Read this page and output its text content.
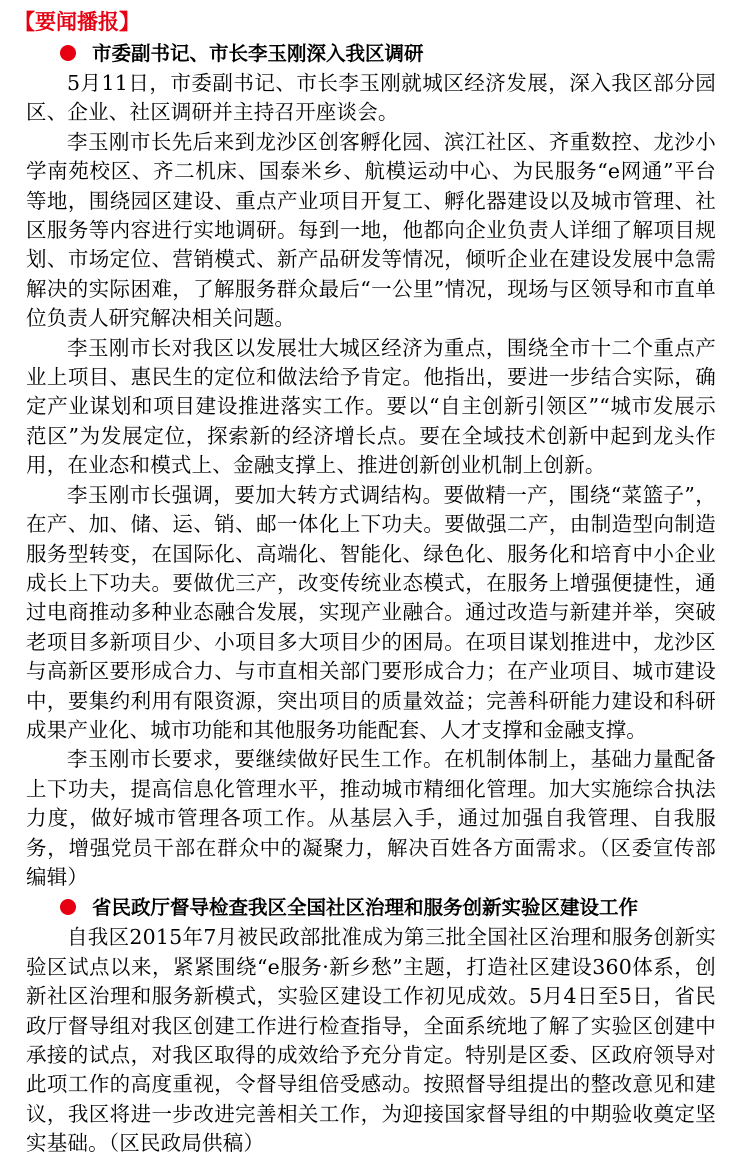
【要闻播报】
市委副书记、市长李玉刚深入我区调研

5月11日，市委副书记、市长李玉刚就城区经济发展，深入我区部分园区、企业、社区调研并主持召开座谈会。

李玉刚市长先后来到龙沙区创客孵化园、滨江社区、齐重数控、龙沙小学南苑校区、齐二机床、国泰米乡、航模运动中心、为民服务“e网通”平台等地，围绕园区建设、重点产业项目开复工、孵化器建设以及城市管理、社区服务等内容进行实地调研。每到一地，他都向企业负责人详细了解项目规划、市场定位、营销模式、新产品研发等情况，倾听企业在建设发展中急需解决的实际困难，了解服务群众最后“一公里”情况，现场与区领导和市直单位负责人研究解决相关问题。

李玉刚市长对我区以发展壮大城区经济为重点，围绕全市十二个重点产业上项目、惠民生的定位和做法给予肯定。他指出，要进一步结合实际，确定产业谋划和项目建设推进落实工作。要以“自主创新引领区”“城市发展示范区”为发展定位，探索新的经济增长点。要在全域技术创新中起到龙头作用，在业态和模式上、金融支撑上、推进创新创业机制上创新。

李玉刚市长强调，要加大转方式调结构。要做精一产，围绕“菜篮子”，在产、加、储、运、销、邮一体化上下功夫。要做强二产，由制造型向制造服务型转变，在国际化、高端化、智能化、绿色化、服务化和培育中小企业成长上下功夫。要做优三产，改变传统业态模式，在服务上增强便捷性，通过电商推动多种业态融合发展，实现产业融合。通过改造与新建并举，突破老项目多新项目少、小项目多大项目少的困局。在项目谋划推进中，龙沙区与高新区要形成合力、与市直相关部门要形成合力；在产业项目、城市建设中，要集约利用有限资源，突出项目的质量效益；完善科研能力建设和科研成果产业化、城市功能和其他服务功能配套、人才支撑和金融支撑。

李玉刚市长要求，要继续做好民生工作。在机制体制上，基础力量配备上下功夫，提高信息化管理水平，推动城市精细化管理。加大实施综合执法力度，做好城市管理各项工作。从基层入手，通过加强自我管理、自我服务，增强党员干部在群众中的凝聚力，解决百姓各方面需求。（区委宣传部编辑）

省民政厅督导检查我区全国社区治理和服务创新实验区建设工作

自我区2015年7月被民政部批准成为第三批全国社区治理和服务创新实验区试点以来，紧紧围绕“e服务·新乡愁”主题，打造社区建设360体系，创新社区治理和服务新模式，实验区建设工作初见成效。5月4日至5日，省民政厅督导组对我区创建工作进行检查指导，全面系统地了解了实验区创建中承接的试点，对我区取得的成效给予充分肯定。特别是区委、区政府领导对此项工作的高度重视，令督导组倍受感动。按照督导组提出的整改意见和建议，我区将进一步改进完善相关工作，为迎接国家督导组的中期验收奠定坚实基础。（区民政局供稿）
